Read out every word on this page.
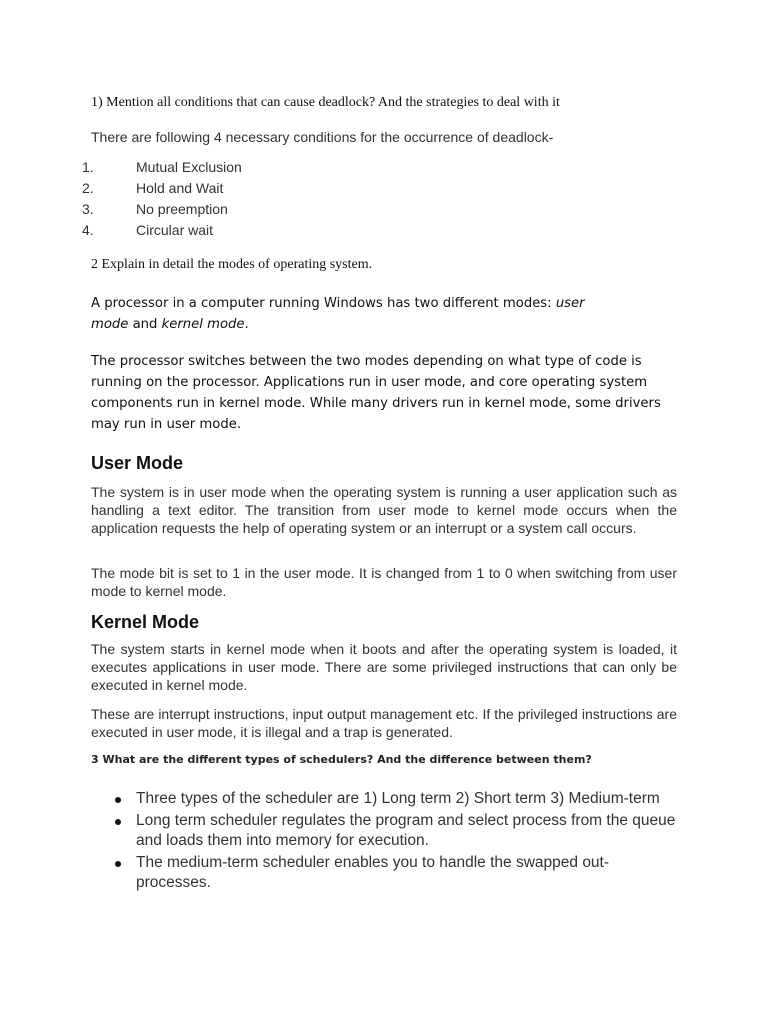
1) Mention all conditions that can cause deadlock? And the strategies to deal with it
There are following 4 necessary conditions for the occurrence of deadlock-
1.	Mutual Exclusion
2.	Hold and Wait
3.	No preemption
4.	Circular wait
2 Explain in detail the modes of operating system.
A processor in a computer running Windows has two different modes: user mode and kernel mode.

The processor switches between the two modes depending on what type of code is running on the processor. Applications run in user mode, and core operating system components run in kernel mode. While many drivers run in kernel mode, some drivers may run in user mode.

User Mode

The system is in user mode when the operating system is running a user application such as handling a text editor. The transition from user mode to kernel mode occurs when the application requests the help of operating system or an interrupt or a system call occurs.

The mode bit is set to 1 in the user mode. It is changed from 1 to 0 when switching from user mode to kernel mode.

Kernel Mode

The system starts in kernel mode when it boots and after the operating system is loaded, it executes applications in user mode. There are some privileged instructions that can only be executed in kernel mode.

These are interrupt instructions, input output management etc. If the privileged instructions are executed in user mode, it is illegal and a trap is generated.

3 What are the different types of schedulers? And the difference between them?
Three types of the scheduler are 1) Long term 2) Short term 3) Medium-term
Long term scheduler regulates the program and select process from the queue and loads them into memory for execution.
The medium-term scheduler enables you to handle the swapped out-processes.
